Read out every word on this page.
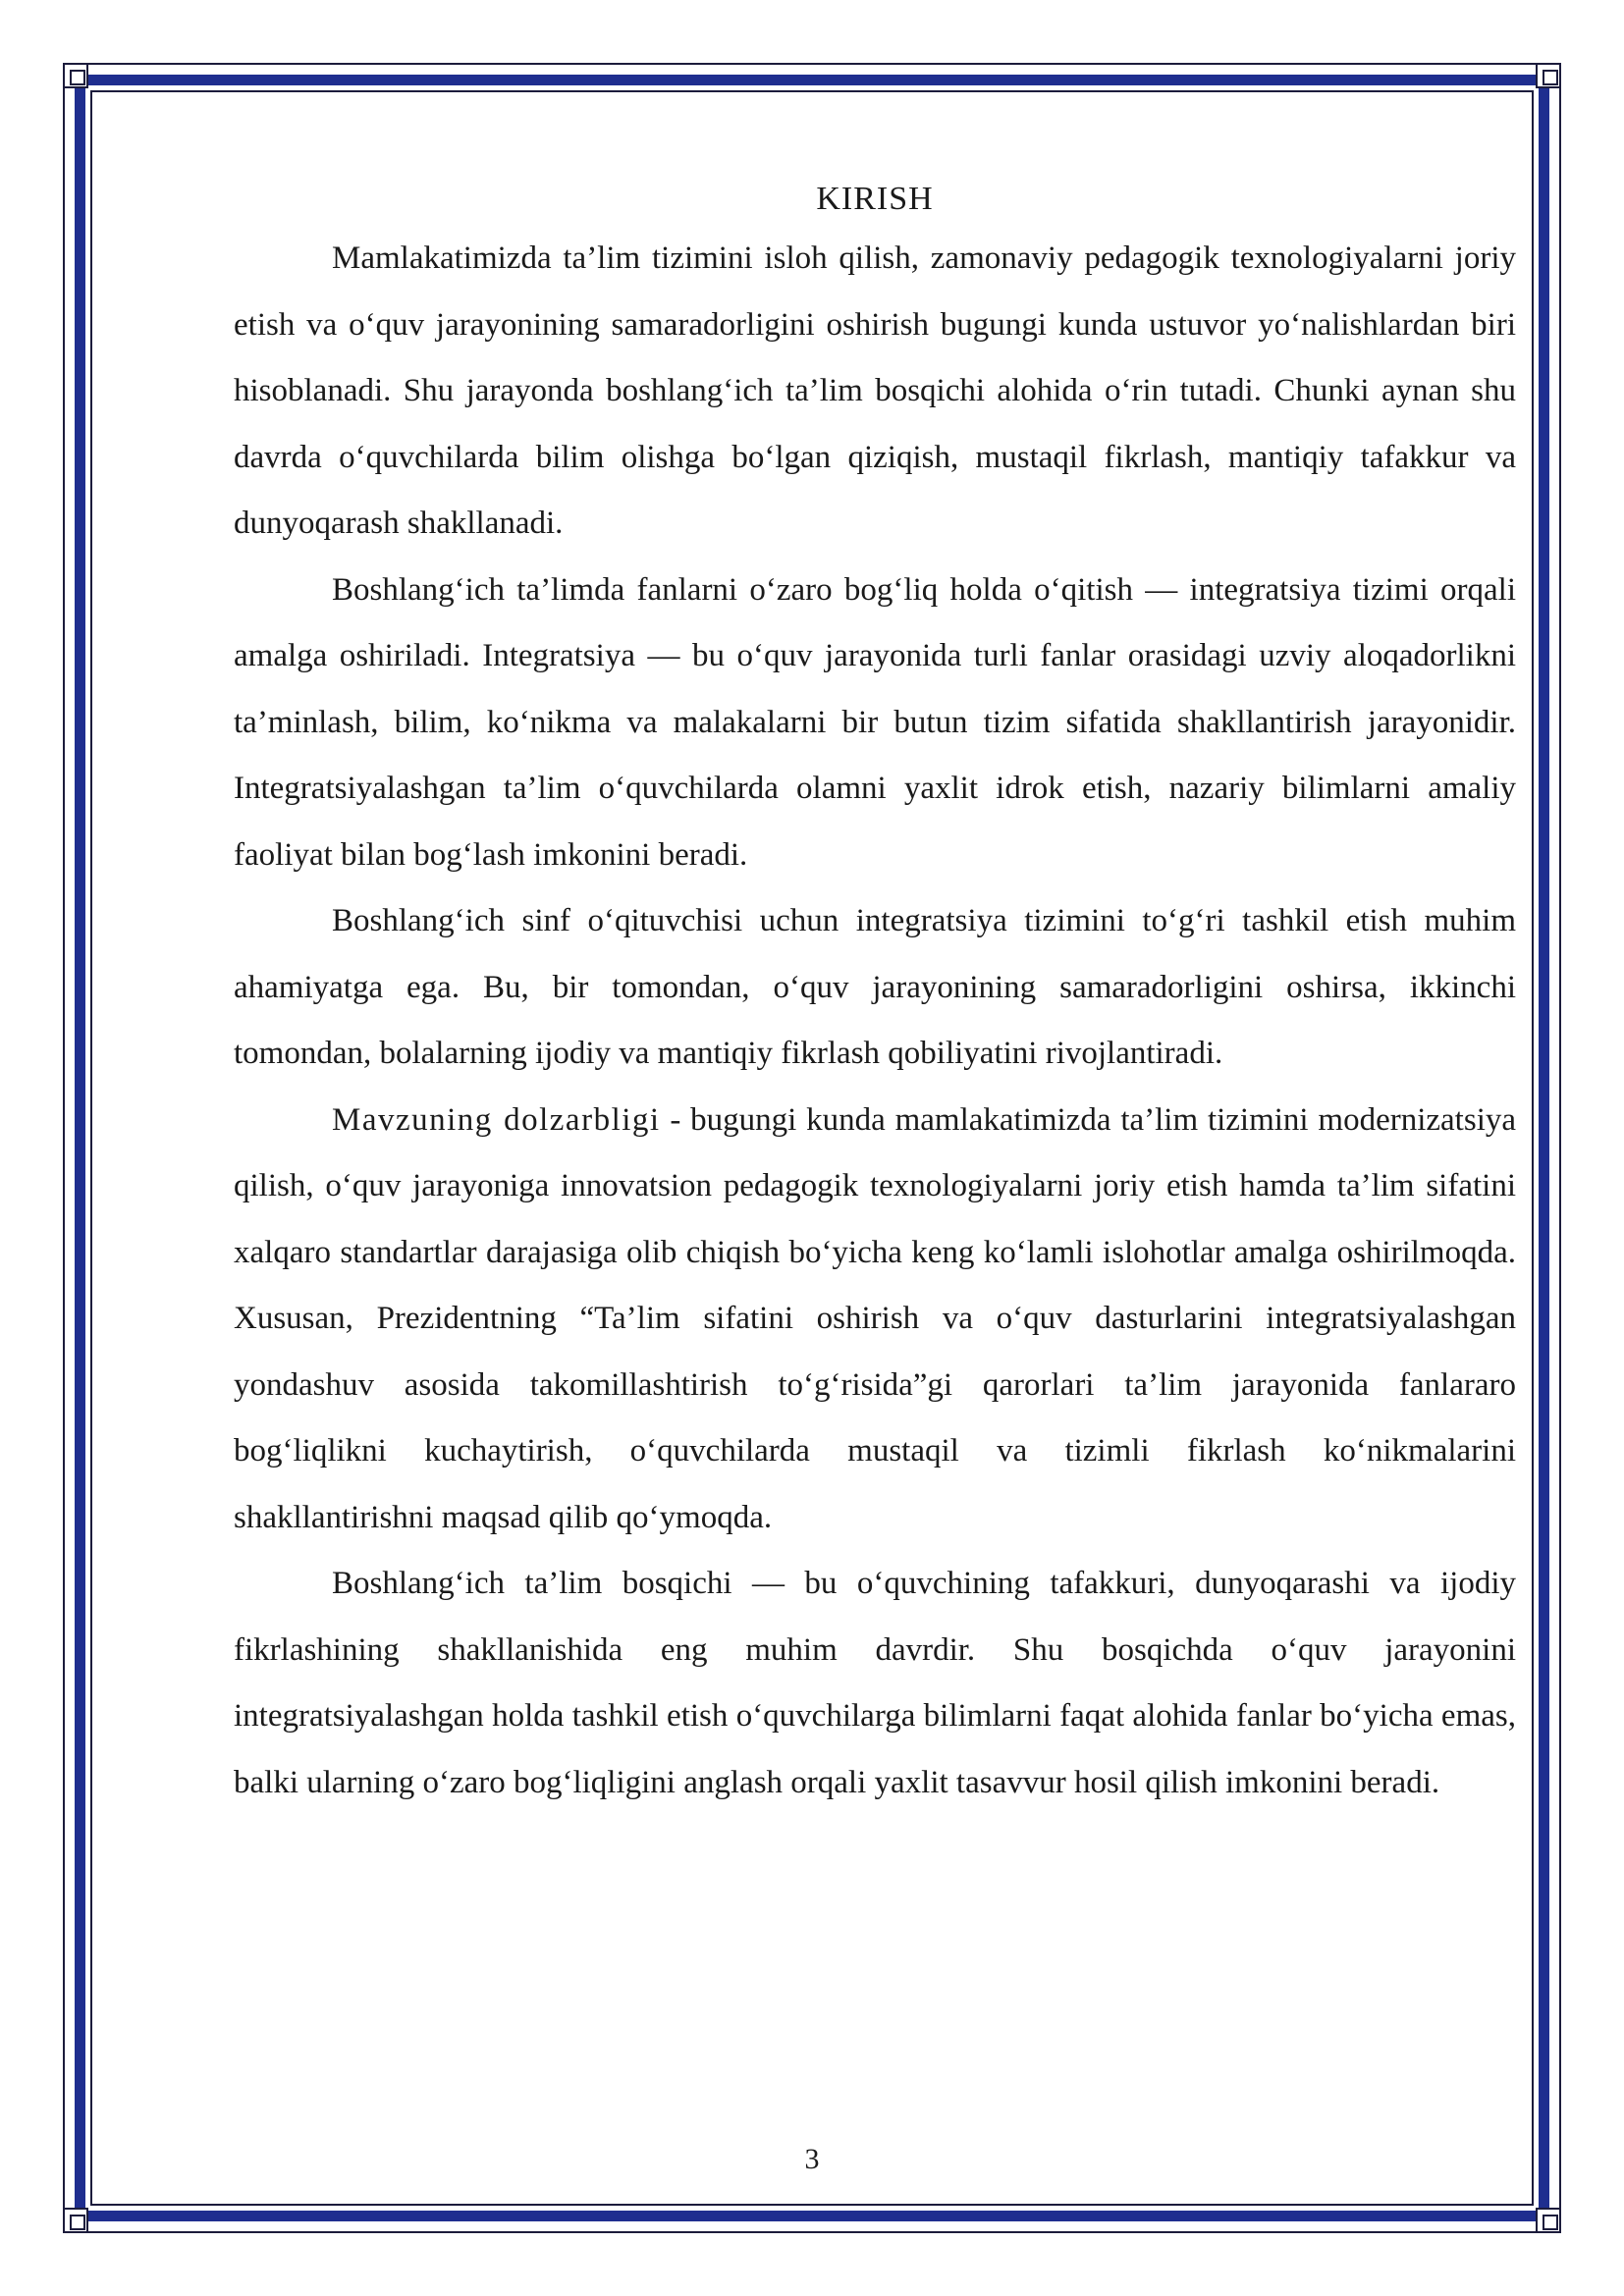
KIRISH

Mamlakatimizda ta’lim tizimini isloh qilish, zamonaviy pedagogik texnologiyalarni joriy etish va o‘quv jarayonining samaradorligini oshirish bugungi kunda ustuvor yo‘nalishlardan biri hisoblanadi. Shu jarayonda boshlang‘ich ta’lim bosqichi alohida o‘rin tutadi. Chunki aynan shu davrda o‘quvchilarda bilim olishga bo‘lgan qiziqish, mustaqil fikrlash, mantiqiy tafakkur va dunyoqarash shakllanadi.

Boshlang‘ich ta’limda fanlarni o‘zaro bog‘liq holda o‘qitish — integratsiya tizimi orqali amalga oshiriladi. Integratsiya — bu o‘quv jarayonida turli fanlar orasidagi uzviy aloqadorlikni ta’minlash, bilim, ko‘nikma va malakalarni bir butun tizim sifatida shakllantirish jarayonidir. Integratsiyalashgan ta’lim o‘quvchilarda olamni yaxlit idrok etish, nazariy bilimlarni amaliy faoliyat bilan bog‘lash imkonini beradi.

Boshlang‘ich sinf o‘qituvchisi uchun integratsiya tizimini to‘g‘ri tashkil etish muhim ahamiyatga ega. Bu, bir tomondan, o‘quv jarayonining samaradorligini oshirsa, ikkinchi tomondan, bolalarning ijodiy va mantiqiy fikrlash qobiliyatini rivojlantiradi.

Mavzuning dolzarbligi - bugungi kunda mamlakatimizda ta’lim tizimini modernizatsiya qilish, o‘quv jarayoniga innovatsion pedagogik texnologiyalarni joriy etish hamda ta’lim sifatini xalqaro standartlar darajasiga olib chiqish bo‘yicha keng ko‘lamli islohotlar amalga oshirilmoqda. Xususan, Prezidentning “Ta’lim sifatini oshirish va o‘quv dasturlarini integratsiyalashgan yondashuv asosida takomillashtirish to‘g‘risida”gi qarorlari ta’lim jarayonida fanlararo bog‘liqlikni kuchaytirish, o‘quvchilarda mustaqil va tizimli fikrlash ko‘nikmalarini shakllantirishni maqsad qilib qo‘ymoqda.

Boshlang‘ich ta’lim bosqichi — bu o‘quvchining tafakkuri, dunyoqarashi va ijodiy fikrlashining shakllanishida eng muhim davrdir. Shu bosqichda o‘quv jarayonini integratsiyalashgan holda tashkil etish o‘quvchilarga bilimlarni faqat alohida fanlar bo‘yicha emas, balki ularning o‘zaro bog‘liqligini anglash orqali yaxlit tasavvur hosil qilish imkonini beradi.

3
